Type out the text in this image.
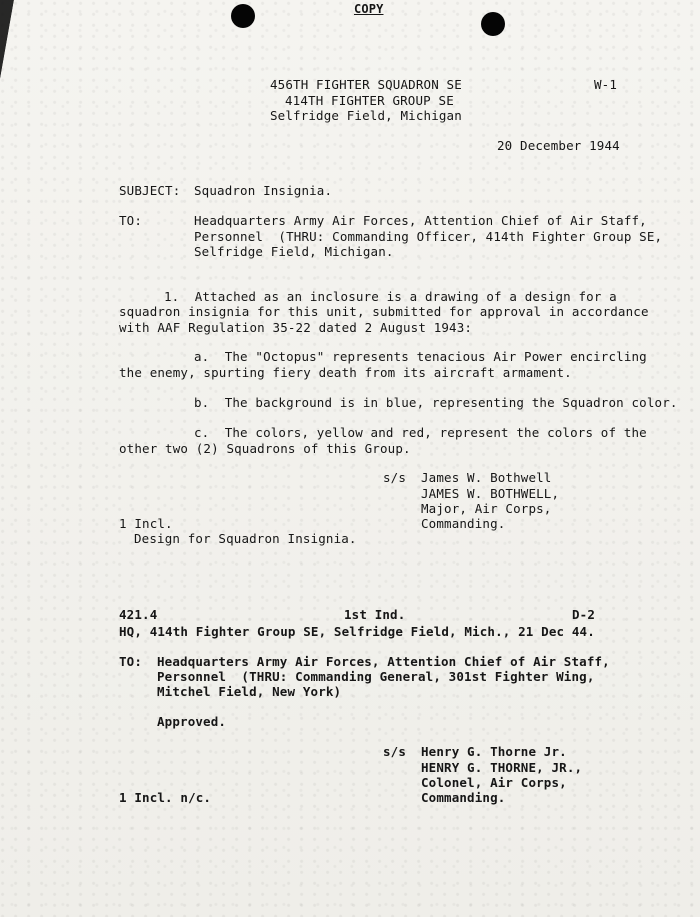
COPY
W-1
456TH FIGHTER SQUADRON SE
414TH FIGHTER GROUP SE
Selfridge Field, Michigan
20 December 1944
SUBJECT: Squadron Insignia.
TO:	Headquarters Army Air Forces, Attention Chief of Air Staff,
Personnel  (THRU: Commanding Officer, 414th Fighter Group SE,
Selfridge Field, Michigan.
1.  Attached as an inclosure is a drawing of a design for a
squadron insignia for this unit, submitted for approval in accordance
with AAF Regulation 35-22 dated 2 August 1943:
a.  The "Octopus" represents tenacious Air Power encircling
the enemy, spurting fiery death from its aircraft armament.
b.  The background is in blue, representing the Squadron color.
c.  The colors, yellow and red, represent the colors of the
other two (2) Squadrons of this Group.
s/s James W. Bothwell
JAMES W. BOTHWELL,
Major, Air Corps,
Commanding.
1 Incl.
Design for Squadron Insignia.
421.4	1st Ind.	D-2
HQ, 414th Fighter Group SE, Selfridge Field, Mich., 21 Dec 44.
TO: Headquarters Army Air Forces, Attention Chief of Air Staff,
Personnel  (THRU: Commanding General, 301st Fighter Wing,
Mitchel Field, New York)
Approved.
s/s Henry G. Thorne Jr.
HENRY G. THORNE, JR.,
Colonel, Air Corps,
Commanding.
1 Incl. n/c.
